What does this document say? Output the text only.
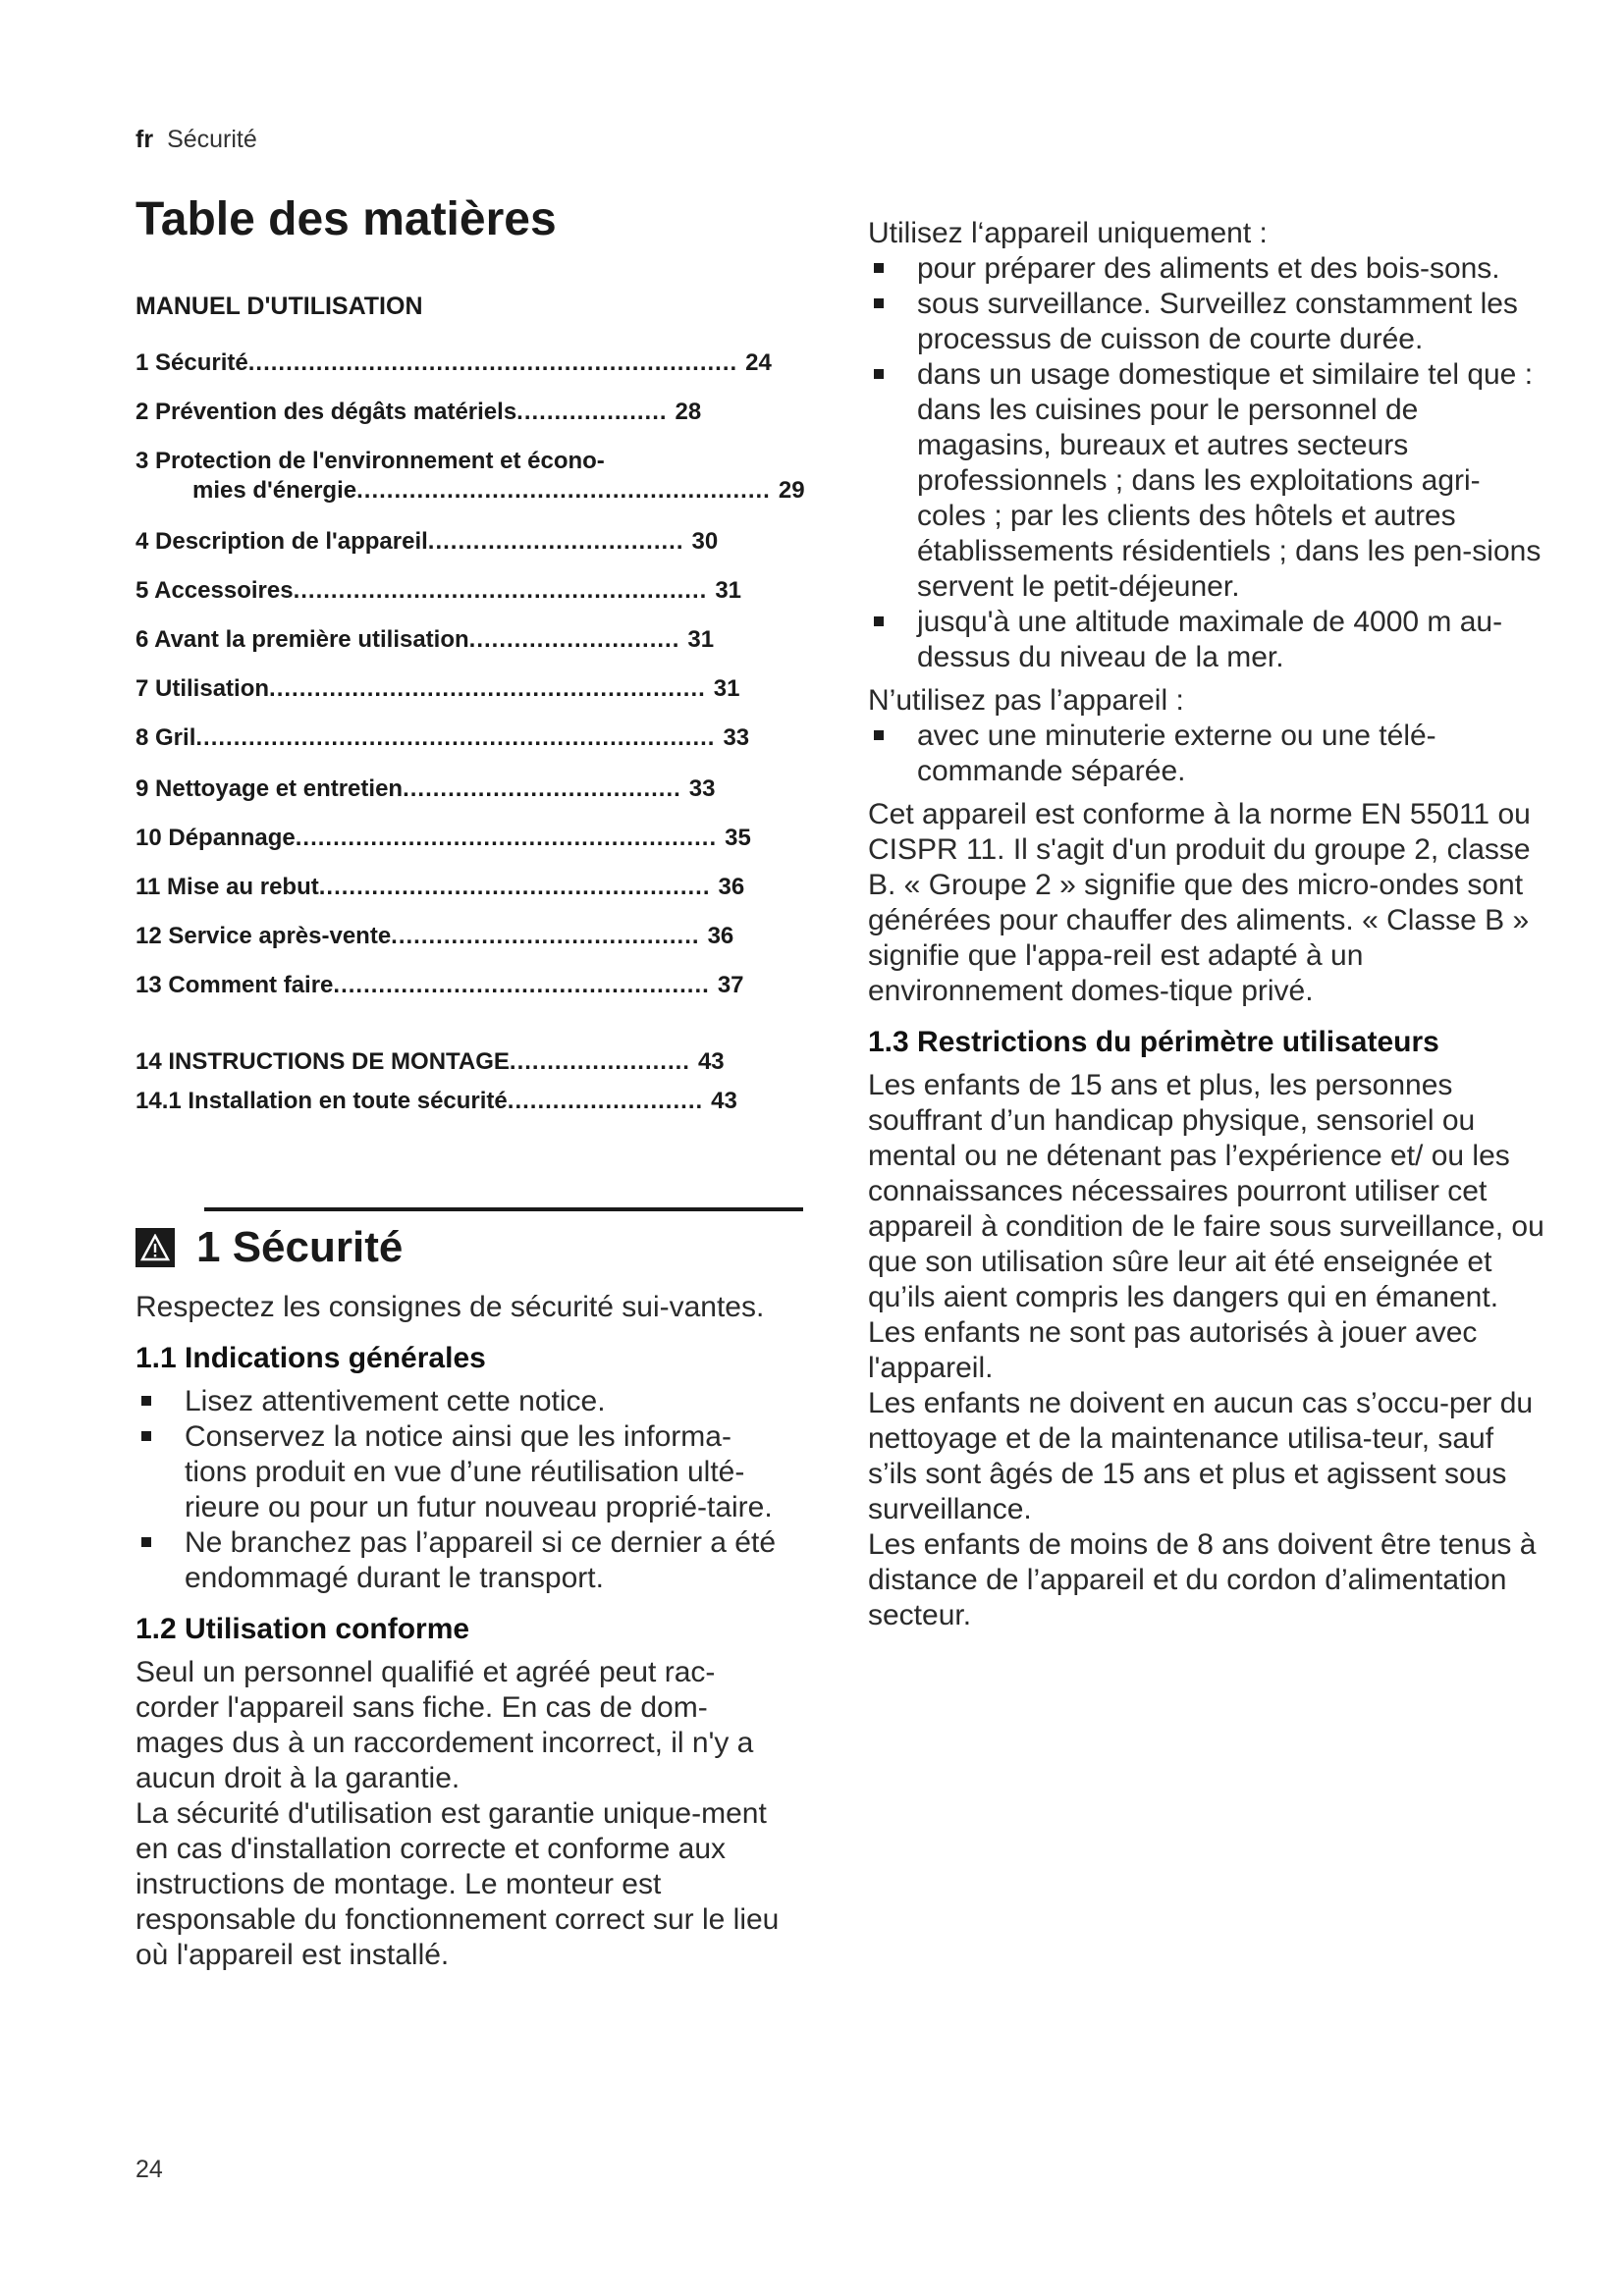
fr Sécurité
Table des matières
MANUEL D'UTILISATION
1 Sécurité................................................................. 24
2 Prévention des dégâts matériels.................... 28
3 Protection de l'environnement et écono-
mies d'énergie....................................................... 29
4 Description de l'appareil.................................. 30
5 Accessoires....................................................... 31
6 Avant la première utilisation............................ 31
7 Utilisation.......................................................... 31
8 Gril..................................................................... 33
9 Nettoyage et entretien..................................... 33
10 Dépannage........................................................ 35
11 Mise au rebut.................................................... 36
12 Service après-vente......................................... 36
13 Comment faire.................................................. 37
14 INSTRUCTIONS DE MONTAGE........................ 43
14.1 Installation en toute sécurité.......................... 43
1 Sécurité

Respectez les consignes de sécurité sui-vantes.

1.1 Indications générales

Lisez attentivement cette notice.
Conservez la notice ainsi que les informa-tions produit en vue d’une réutilisation ulté-rieure ou pour un futur nouveau proprié-taire.
Ne branchez pas l’appareil si ce dernier a été endommagé durant le transport.

1.2 Utilisation conforme

Seul un personnel qualifié et agréé peut rac-corder l'appareil sans fiche. En cas de dom-mages dus à un raccordement incorrect, il n'y a aucun droit à la garantie.

La sécurité d'utilisation est garantie unique-ment en cas d'installation correcte et conforme aux instructions de montage. Le monteur est responsable du fonctionnement correct sur le lieu où l'appareil est installé.

Utilisez l‘appareil uniquement :

pour préparer des aliments et des bois-sons.
sous surveillance. Surveillez constamment les processus de cuisson de courte durée.
dans un usage domestique et similaire tel que : dans les cuisines pour le personnel de magasins, bureaux et autres secteurs professionnels ; dans les exploitations agri-coles ; par les clients des hôtels et autres établissements résidentiels ; dans les pen-sions servent le petit-déjeuner.
jusqu'à une altitude maximale de 4000 m au-dessus du niveau de la mer.

N’utilisez pas l’appareil :

avec une minuterie externe ou une télé-commande séparée.

Cet appareil est conforme à la norme EN 55011 ou CISPR 11. Il s'agit d'un produit du groupe 2, classe B. « Groupe 2 » signifie que des micro-ondes sont générées pour chauffer des aliments. « Classe B » signifie que l'appa-reil est adapté à un environnement domes-tique privé.

1.3 Restrictions du périmètre utilisateurs

Les enfants de 15 ans et plus, les personnes souffrant d’un handicap physique, sensoriel ou mental ou ne détenant pas l’expérience et/ ou les connaissances nécessaires pourront utiliser cet appareil à condition de le faire sous surveillance, ou que son utilisation sûre leur ait été enseignée et qu’ils aient compris les dangers qui en émanent.

Les enfants ne sont pas autorisés à jouer avec l'appareil.

Les enfants ne doivent en aucun cas s’occu-per du nettoyage et de la maintenance utilisa-teur, sauf s’ils sont âgés de 15 ans et plus et agissent sous surveillance.

Les enfants de moins de 8 ans doivent être tenus à distance de l’appareil et du cordon d’alimentation secteur.

24
